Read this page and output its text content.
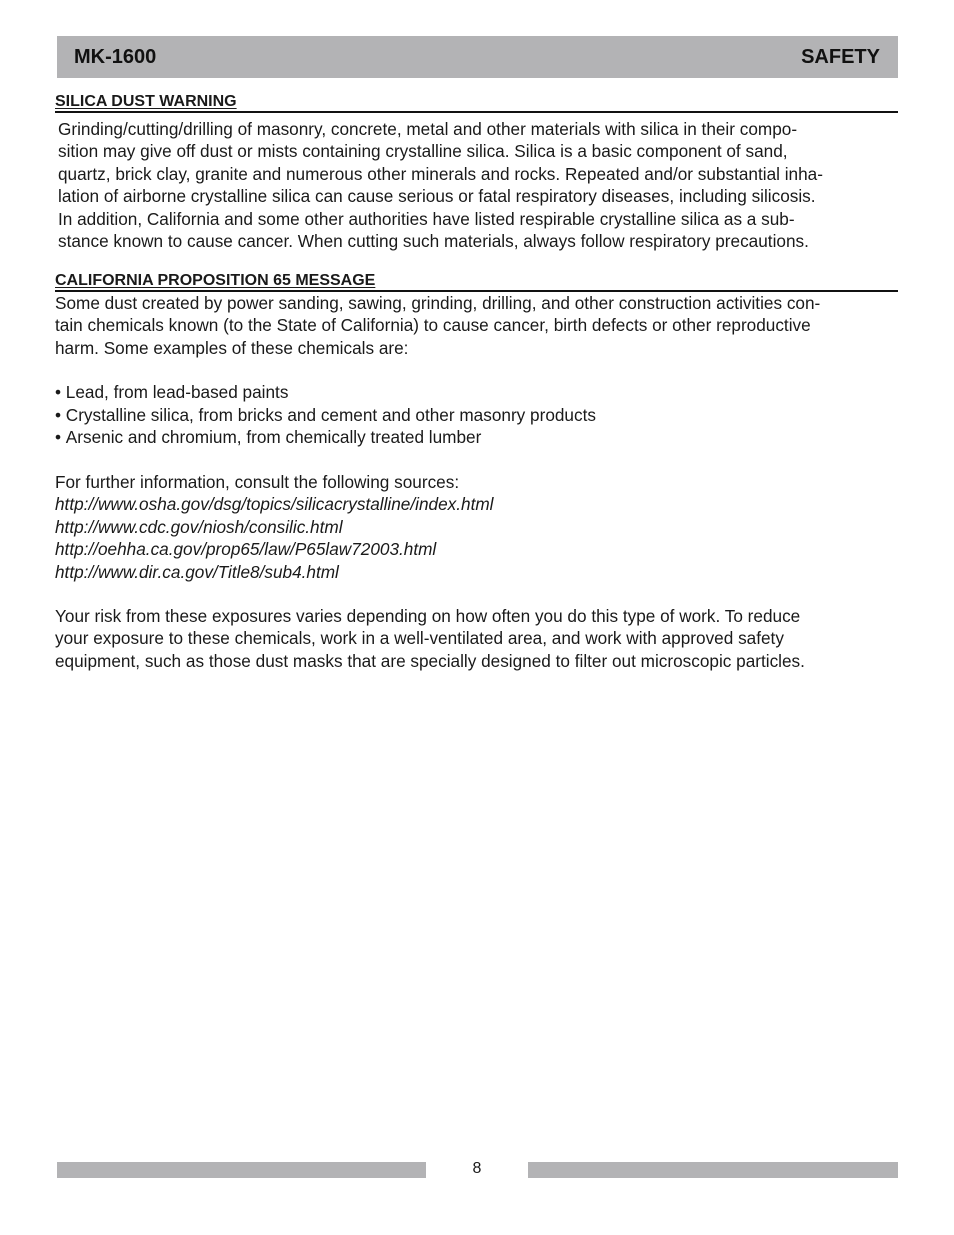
MK-1600	SAFETY
SILICA DUST WARNING
Grinding/cutting/drilling of masonry, concrete, metal and other materials with silica in their compo-
sition may give off dust or mists containing crystalline silica. Silica is a basic component of sand,
quartz, brick clay, granite and numerous other minerals and rocks. Repeated and/or substantial inha-
lation of airborne crystalline silica can cause serious or fatal respiratory diseases, including silicosis.
In addition, California and some other authorities have listed respirable crystalline silica as a sub-
stance known to cause cancer. When cutting such materials, always follow respiratory precautions.
CALIFORNIA PROPOSITION 65 MESSAGE
Some dust created by power sanding, sawing, grinding, drilling, and other construction activities con-
tain chemicals known (to the State of California) to cause cancer, birth defects or other reproductive
harm. Some examples of these chemicals are:
• Lead, from lead-based paints
• Crystalline silica, from bricks and cement and other masonry products
• Arsenic and chromium, from chemically treated lumber
For further information, consult the following sources:
http://www.osha.gov/dsg/topics/silicacrystalline/index.html
http://www.cdc.gov/niosh/consilic.html
http://oehha.ca.gov/prop65/law/P65law72003.html
http://www.dir.ca.gov/Title8/sub4.html
Your risk from these exposures varies depending on how often you do this type of work. To reduce
your exposure to these chemicals, work in a well-ventilated area, and work with approved safety
equipment, such as those dust masks that are specially designed to filter out microscopic particles.
8
